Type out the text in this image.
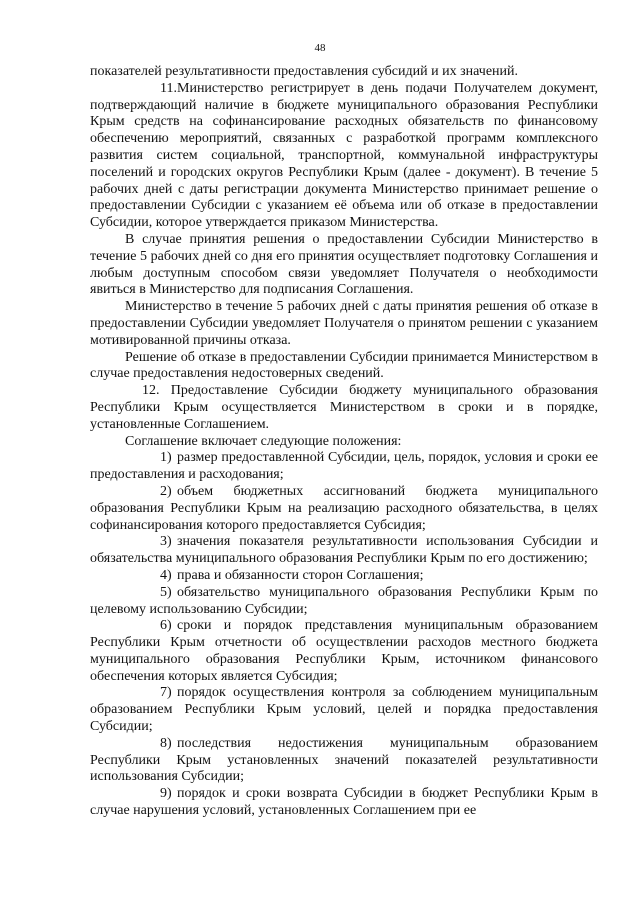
48

показателей результативности предоставления субсидий и их значений.

11.Министерство регистрирует в день подачи Получателем документ, подтверждающий наличие в бюджете муниципального образования Республики Крым средств на софинансирование расходных обязательств по финансовому обеспечению мероприятий, связанных с разработкой программ комплексного развития систем социальной, транспортной, коммунальной инфраструктуры поселений и городских округов Республики Крым (далее - документ). В течение 5 рабочих дней с даты регистрации документа Министерство принимает решение о предоставлении Субсидии с указанием её объема или об отказе в предоставлении Субсидии, которое утверждается приказом Министерства.

В случае принятия решения о предоставлении Субсидии Министерство в течение 5 рабочих дней со дня его принятия осуществляет подготовку Соглашения и любым доступным способом связи уведомляет Получателя о необходимости явиться в Министерство для подписания Соглашения.

Министерство в течение 5 рабочих дней с даты принятия решения об отказе в предоставлении Субсидии уведомляет Получателя о принятом решении с указанием мотивированной причины отказа.

Решение об отказе в предоставлении Субсидии принимается Министерством в случае предоставления недостоверных сведений.

12. Предоставление Субсидии бюджету муниципального образования Республики Крым осуществляется Министерством в сроки и в порядке, установленные Соглашением.

Соглашение включает следующие положения:

1) размер предоставленной Субсидии, цель, порядок, условия и сроки ее предоставления и расходования;

2) объем бюджетных ассигнований бюджета муниципального образования Республики Крым на реализацию расходного обязательства, в целях софинансирования которого предоставляется Субсидия;

3) значения показателя результативности использования Субсидии и обязательства муниципального образования Республики Крым по его достижению;

4) права и обязанности сторон Соглашения;

5) обязательство муниципального образования Республики Крым по целевому использованию Субсидии;

6) сроки и порядок представления муниципальным образованием Республики Крым отчетности об осуществлении расходов местного бюджета муниципального образования Республики Крым, источником финансового обеспечения которых является Субсидия;

7) порядок осуществления контроля за соблюдением муниципальным образованием Республики Крым условий, целей и порядка предоставления Субсидии;

8) последствия недостижения муниципальным образованием Республики Крым установленных значений показателей результативности использования Субсидии;

9) порядок и сроки возврата Субсидии в бюджет Республики Крым в случае нарушения условий, установленных Соглашением при ее
